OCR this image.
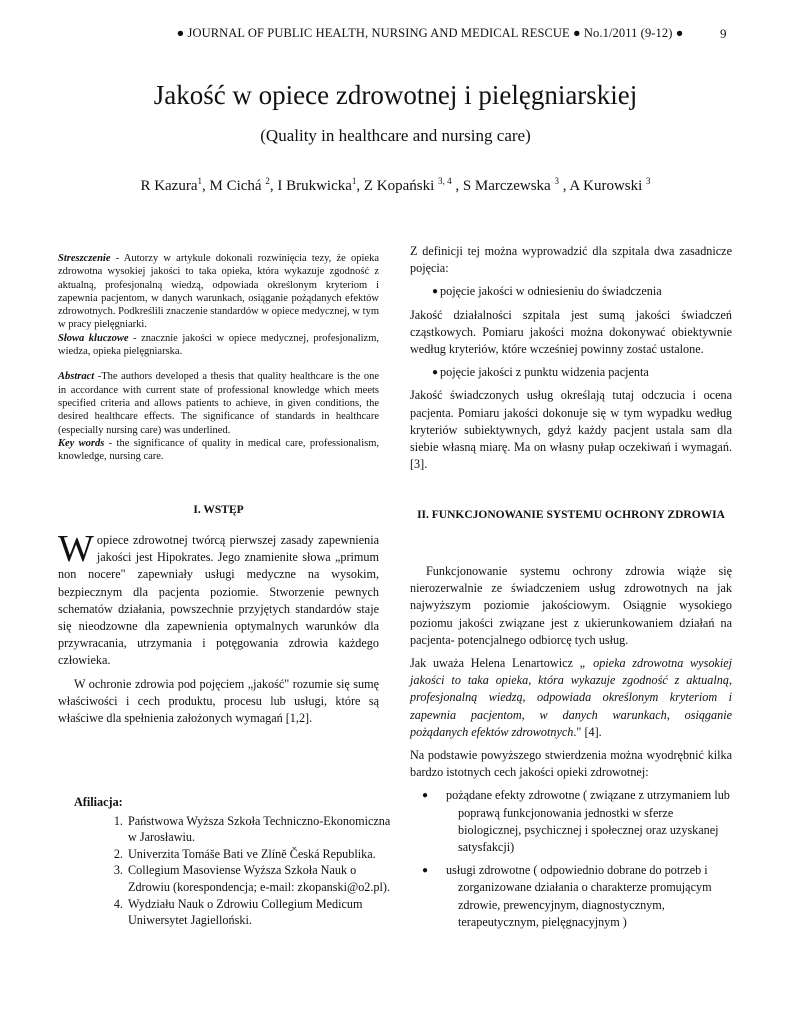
● JOURNAL OF PUBLIC HEALTH, NURSING AND MEDICAL RESCUE ● No.1/2011 (9-12) ●	9
Jakość w opiece zdrowotnej i pielęgniarskiej
(Quality in healthcare and nursing care)
R Kazura$^1$, M Cichá $^2$, I Brukwicka$^1$, Z Kopański $^{3, 4}$ , S Marczewska $^3$ , A Kurowski $^3$

Streszczenie - Autorzy w artykule dokonali rozwinięcia tezy, że opieka zdrowotna wysokiej jakości to taka opieka, która wykazuje zgodność z aktualną, profesjonalną wiedzą, odpowiada określonym kryteriom i zapewnia pacjentom, w danych warunkach, osiąganie pożądanych efektów zdrowotnych. Podkreślili znaczenie standardów w opiece medycznej, w tym w pracy pielęgniarki.

Słowa kluczowe - znacznie jakości w opiece medycznej, profesjonalizm, wiedza, opieka pielęgniarska.

Abstract -The authors developed a thesis that quality healthcare is the one in accordance with current state of professional knowledge which meets specified criteria and allows patients to achieve, in given conditions, the desired healthcare effects. The significance of standards in healthcare (especially nursing care) was underlined.

Key words - the significance of quality in medical care, professionalism, knowledge, nursing care.

I. WSTĘP

Wopiece zdrowotnej twórcą pierwszej zasady zapewnienia jakości jest Hipokrates. Jego znamienite słowa „primum non nocere" zapewniały usługi medyczne na wysokim, bezpiecznym dla pacjenta poziomie. Stworzenie pewnych schematów działania, powszechnie przyjętych standardów staje się nieodzowne dla zapewnienia optymalnych warunków dla przywracania, utrzymania i potęgowania zdrowia każdego człowieka.

W ochronie zdrowia pod pojęciem „jakość" rozumie się sumę właściwości i cech produktu, procesu lub usługi, które są właściwe dla spełnienia założonych wymagań [1,2].

Afiliacja:
1. Państwowa Wyższa Szkoła Techniczno-Ekonomiczna w Jarosławiu.
2. Univerzita Tomáše Bati ve Zlíně Česká Republika.
3. Collegium Masoviense Wyższa Szkoła Nauk o Zdrowiu (korespondencja; e-mail: zkopanski@o2.pl).
4. Wydziału Nauk o Zdrowiu Collegium Medicum Uniwersytet Jagielloński.

Z definicji tej można wyprowadzić dla szpitala dwa zasadnicze pojęcia:

● pojęcie jakości w odniesieniu do świadczenia

Jakość działalności szpitala jest sumą jakości świadczeń cząstkowych. Pomiaru jakości można dokonywać obiektywnie według kryteriów, które wcześniej powinny zostać ustalone.

● pojęcie jakości z punktu widzenia pacjenta

Jakość świadczonych usług określają tutaj odczucia i ocena pacjenta. Pomiaru jakości dokonuje się w tym wypadku według kryteriów subiektywnych, gdyż każdy pacjent ustala sam dla siebie własną miarę. Ma on własny pułap oczekiwań i wymagań.[3].

II. FUNKCJONOWANIE SYSTEMU OCHRONY ZDROWIA

Funkcjonowanie systemu ochrony zdrowia wiąże się nierozerwalnie ze świadczeniem usług zdrowotnych na jak najwyższym poziomie jakościowym. Osiągnie wysokiego poziomu jakości związane jest z ukierunkowaniem działań na pacjenta- potencjalnego odbiorcę tych usług.

Jak uważa Helena Lenartowicz „ opieka zdrowotna wysokiej jakości to taka opieka, która wykazuje zgodność z aktualną, profesjonalną wiedzą, odpowiada określonym kryteriom i zapewnia pacjentom, w danych warunkach, osiąganie pożądanych efektów zdrowotnych." [4].

Na podstawie powyższego stwierdzenia można wyodrębnić kilka bardzo istotnych cech jakości opieki zdrowotnej:

●	pożądane efekty zdrowotne ( związane z utrzymaniem lub poprawą funkcjonowania jednostki w sferze biologicznej, psychicznej i społecznej oraz uzyskanej satysfakcji)

●	usługi zdrowotne ( odpowiednio dobrane do potrzeb i zorganizowane działania o charakterze promującym zdrowie, prewencyjnym, diagnostycznym, terapeutycznym, pielęgnacyjnym )
